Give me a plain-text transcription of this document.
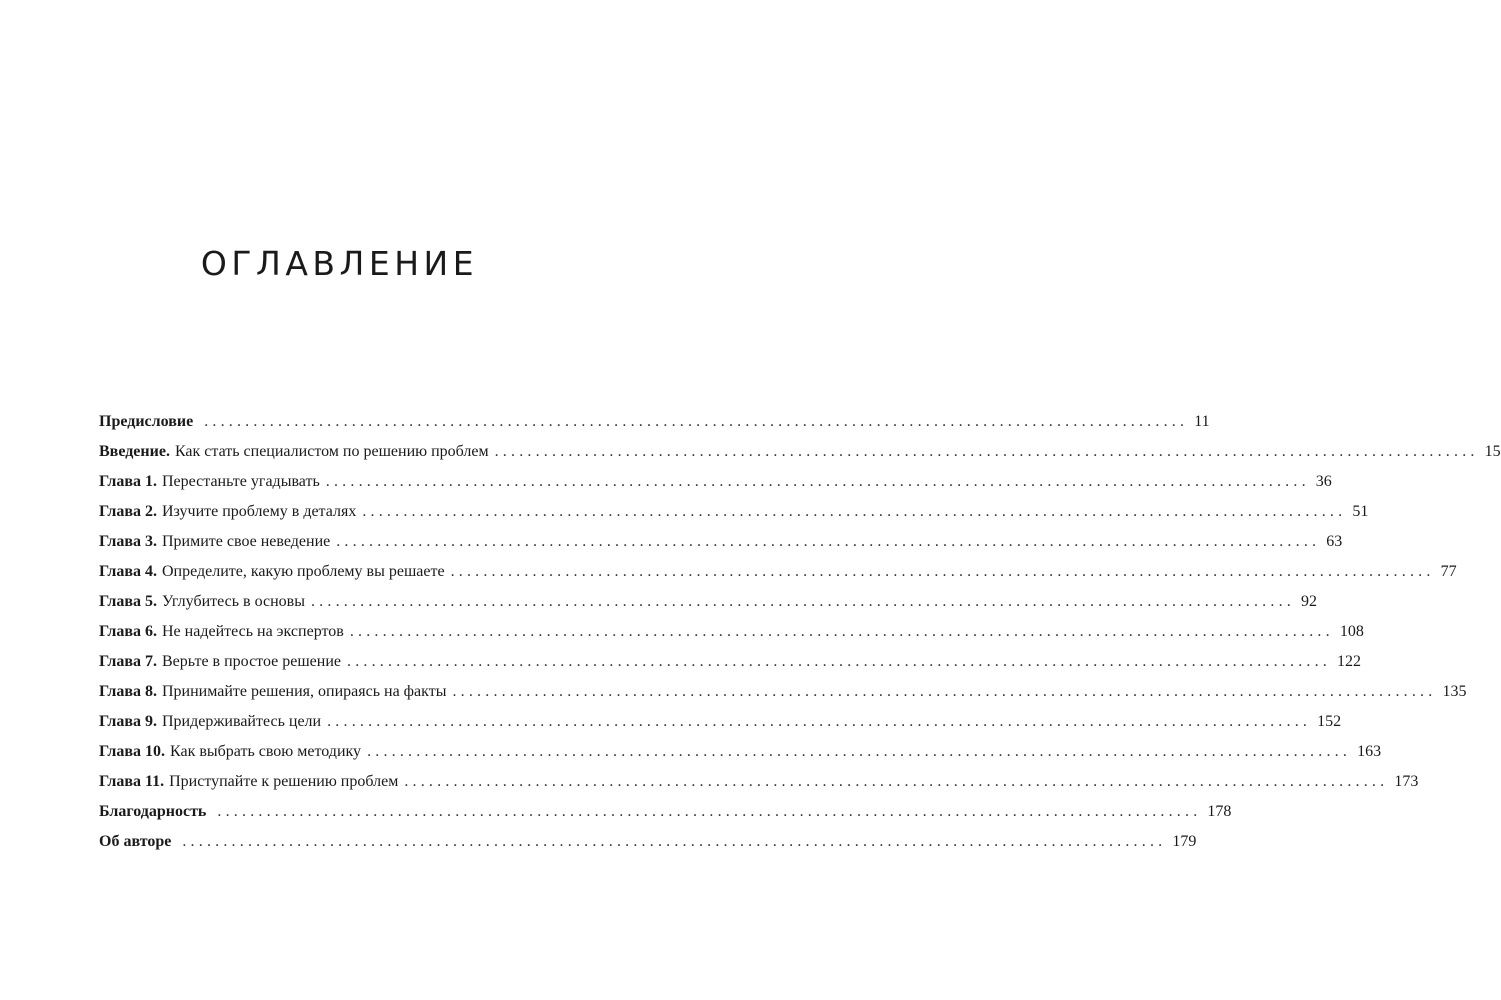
ОГЛАВЛЕНИЕ
Предисловие ........................................................................................................................ 11
Введение. Как стать специалистом по решению проблем ........................................................................................................................ 15
Глава 1. Перестаньте угадывать ........................................................................................................................ 36
Глава 2. Изучите проблему в деталях ........................................................................................................................ 51
Глава 3. Примите свое неведение ........................................................................................................................ 63
Глава 4. Определите, какую проблему вы решаете ........................................................................................................................ 77
Глава 5. Углубитесь в основы ........................................................................................................................ 92
Глава 6. Не надейтесь на экспертов ........................................................................................................................ 108
Глава 7. Верьте в простое решение ........................................................................................................................ 122
Глава 8. Принимайте решения, опираясь на факты ........................................................................................................................ 135
Глава 9. Придерживайтесь цели ........................................................................................................................ 152
Глава 10. Как выбрать свою методику ........................................................................................................................ 163
Глава 11. Приступайте к решению проблем ........................................................................................................................ 173
Благодарность ........................................................................................................................ 178
Об авторе ........................................................................................................................ 179
